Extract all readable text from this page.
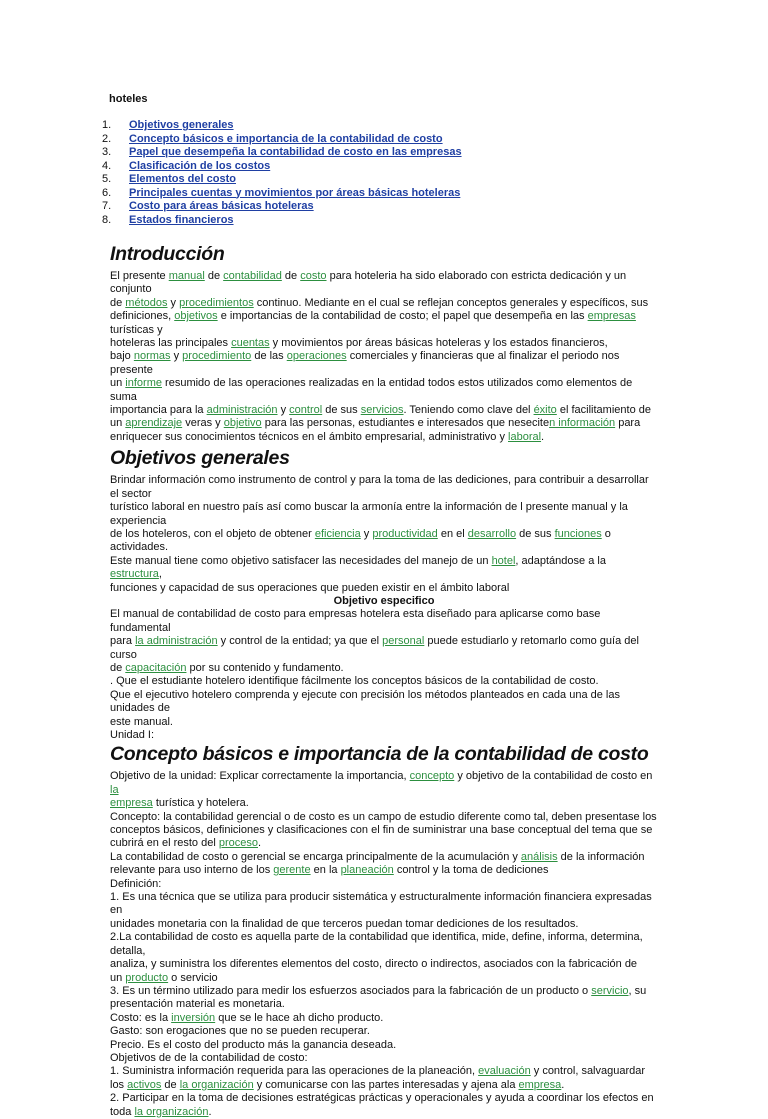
hoteles
1.	Objetivos generales
2.	Concepto básicos e importancia de la contabilidad de costo
3.	Papel que desempeña la contabilidad de costo en las empresas
4.	Clasificación de los costos
5.	Elementos del costo
6.	Principales cuentas y movimientos por áreas básicas hoteleras
7.	Costo para áreas básicas hoteleras
8.	Estados financieros
Introducción

El presente manual de contabilidad de costo para hoteleria ha sido elaborado con estricta dedicación y un conjunto

de métodos y procedimientos continuo. Mediante en el cual se reflejan conceptos generales y específicos, sus

definiciones, objetivos e importancias de la contabilidad de costo; el papel que desempeña en las empresas turísticas y

hoteleras las principales cuentas y movimientos por áreas básicas hoteleras y los estados financieros,

bajo normas y procedimiento de las operaciones comerciales y financieras que al finalizar el periodo nos presente

un informe resumido de las operaciones realizadas en la entidad todos estos utilizados como elementos de suma

importancia para la administración y control de sus servicios. Teniendo como clave del éxito el facilitamiento de

un aprendizaje veras y objetivo para las personas, estudiantes e interesados que neseciten información para

enriquecer sus conocimientos técnicos en el ámbito empresarial, administrativo y laboral.

Objetivos generales

Brindar información como instrumento de control y para la toma de las dediciones, para contribuir a desarrollar el sector

turístico laboral en nuestro país así como buscar la armonía entre la información de l presente manual y la experiencia

de los hoteleros, con el objeto de obtener eficiencia y productividad en el desarrollo de sus funciones o actividades.

Este manual tiene como objetivo satisfacer las necesidades del manejo de un hotel, adaptándose a la estructura,

funciones y capacidad de sus operaciones que pueden existir en el ámbito laboral

Objetivo especifico

El manual de contabilidad de costo para empresas hotelera esta diseñado para aplicarse como base fundamental

para la administración y control de la entidad; ya que el personal puede estudiarlo y retomarlo como guía del curso

de capacitación por su contenido y fundamento.

. Que el estudiante hotelero identifique fácilmente los conceptos básicos de la contabilidad de costo.

Que el ejecutivo hotelero comprenda y ejecute con precisión los métodos planteados en cada una de las unidades de

este manual.

Unidad I:

Concepto básicos e importancia de la contabilidad de costo

Objetivo de la unidad: Explicar correctamente la importancia, concepto y objetivo de la contabilidad de costo en la

empresa turística y hotelera.

Concepto: la contabilidad gerencial o de costo es un campo de estudio diferente como tal, deben presentase los

conceptos básicos, definiciones y clasificaciones con el fin de suministrar una base conceptual del tema que se

cubrirá en el resto del proceso.

La contabilidad de costo o gerencial se encarga principalmente de la acumulación y análisis de la información

relevante para uso interno de los gerente en la planeación control y la toma de dediciones

Definición:

1. Es una técnica que se utiliza para producir sistemática y estructuralmente información financiera expresadas en

unidades monetaria con la finalidad de que terceros puedan tomar dediciones de los resultados.

2.La contabilidad de costo es aquella parte de la contabilidad que identifica, mide, define, informa, determina, detalla,

analiza, y suministra los diferentes elementos del costo, directo o indirectos, asociados con la fabricación de

un producto o servicio

3. Es un término utilizado para medir los esfuerzos asociados para la fabricación de un producto o servicio, su

presentación material es monetaria.

Costo: es la inversión que se le hace ah dicho producto.

Gasto: son erogaciones que no se pueden recuperar.

Precio. Es el costo del producto más la ganancia deseada.

Objetivos de de la contabilidad de costo:

1. Suministra información requerida para las operaciones de la planeación, evaluación y control, salvaguardar

los activos de la organización y comunicarse con las partes interesadas y ajena ala empresa.

2. Participar en la toma de decisiones estratégicas prácticas y operacionales y ayuda a coordinar los efectos en

toda la organización.
